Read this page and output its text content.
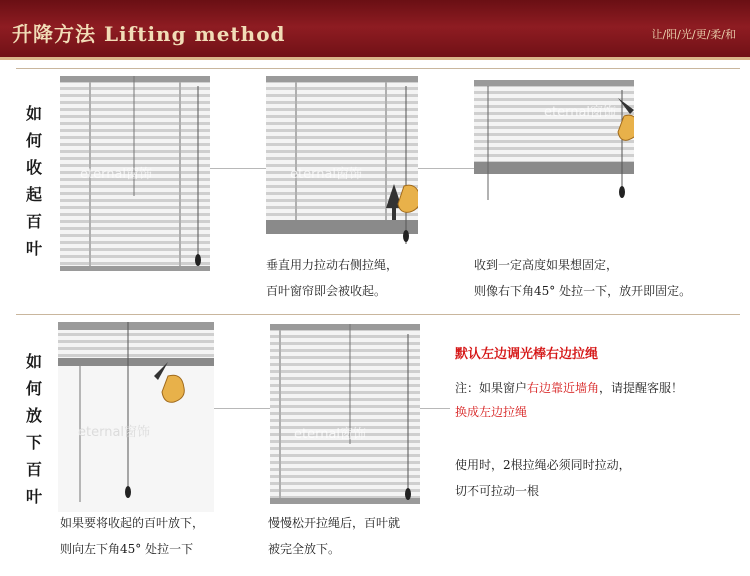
升降方法 Lifting method	让/阳/光/更/柔/和
如
何
收
起
百
叶
如
何
放
下
百
叶
eternal窗饰	eternal窗饰
eternal窗饰
eternal窗饰	eternal窗饰
垂直用力拉动右侧拉绳，
百叶窗帘即会被收起。
收到一定高度如果想固定，
则像右下角45° 处拉一下，放开即固定。
如果要将收起的百叶放下，
则向左下角45° 处拉一下
慢慢松开拉绳后，百叶就
被完全放下。
默认左边调光棒右边拉绳
注：如果窗户右边靠近墙角，请提醒客服！
换成左边拉绳
使用时，2根拉绳必须同时拉动，
切不可拉动一根
